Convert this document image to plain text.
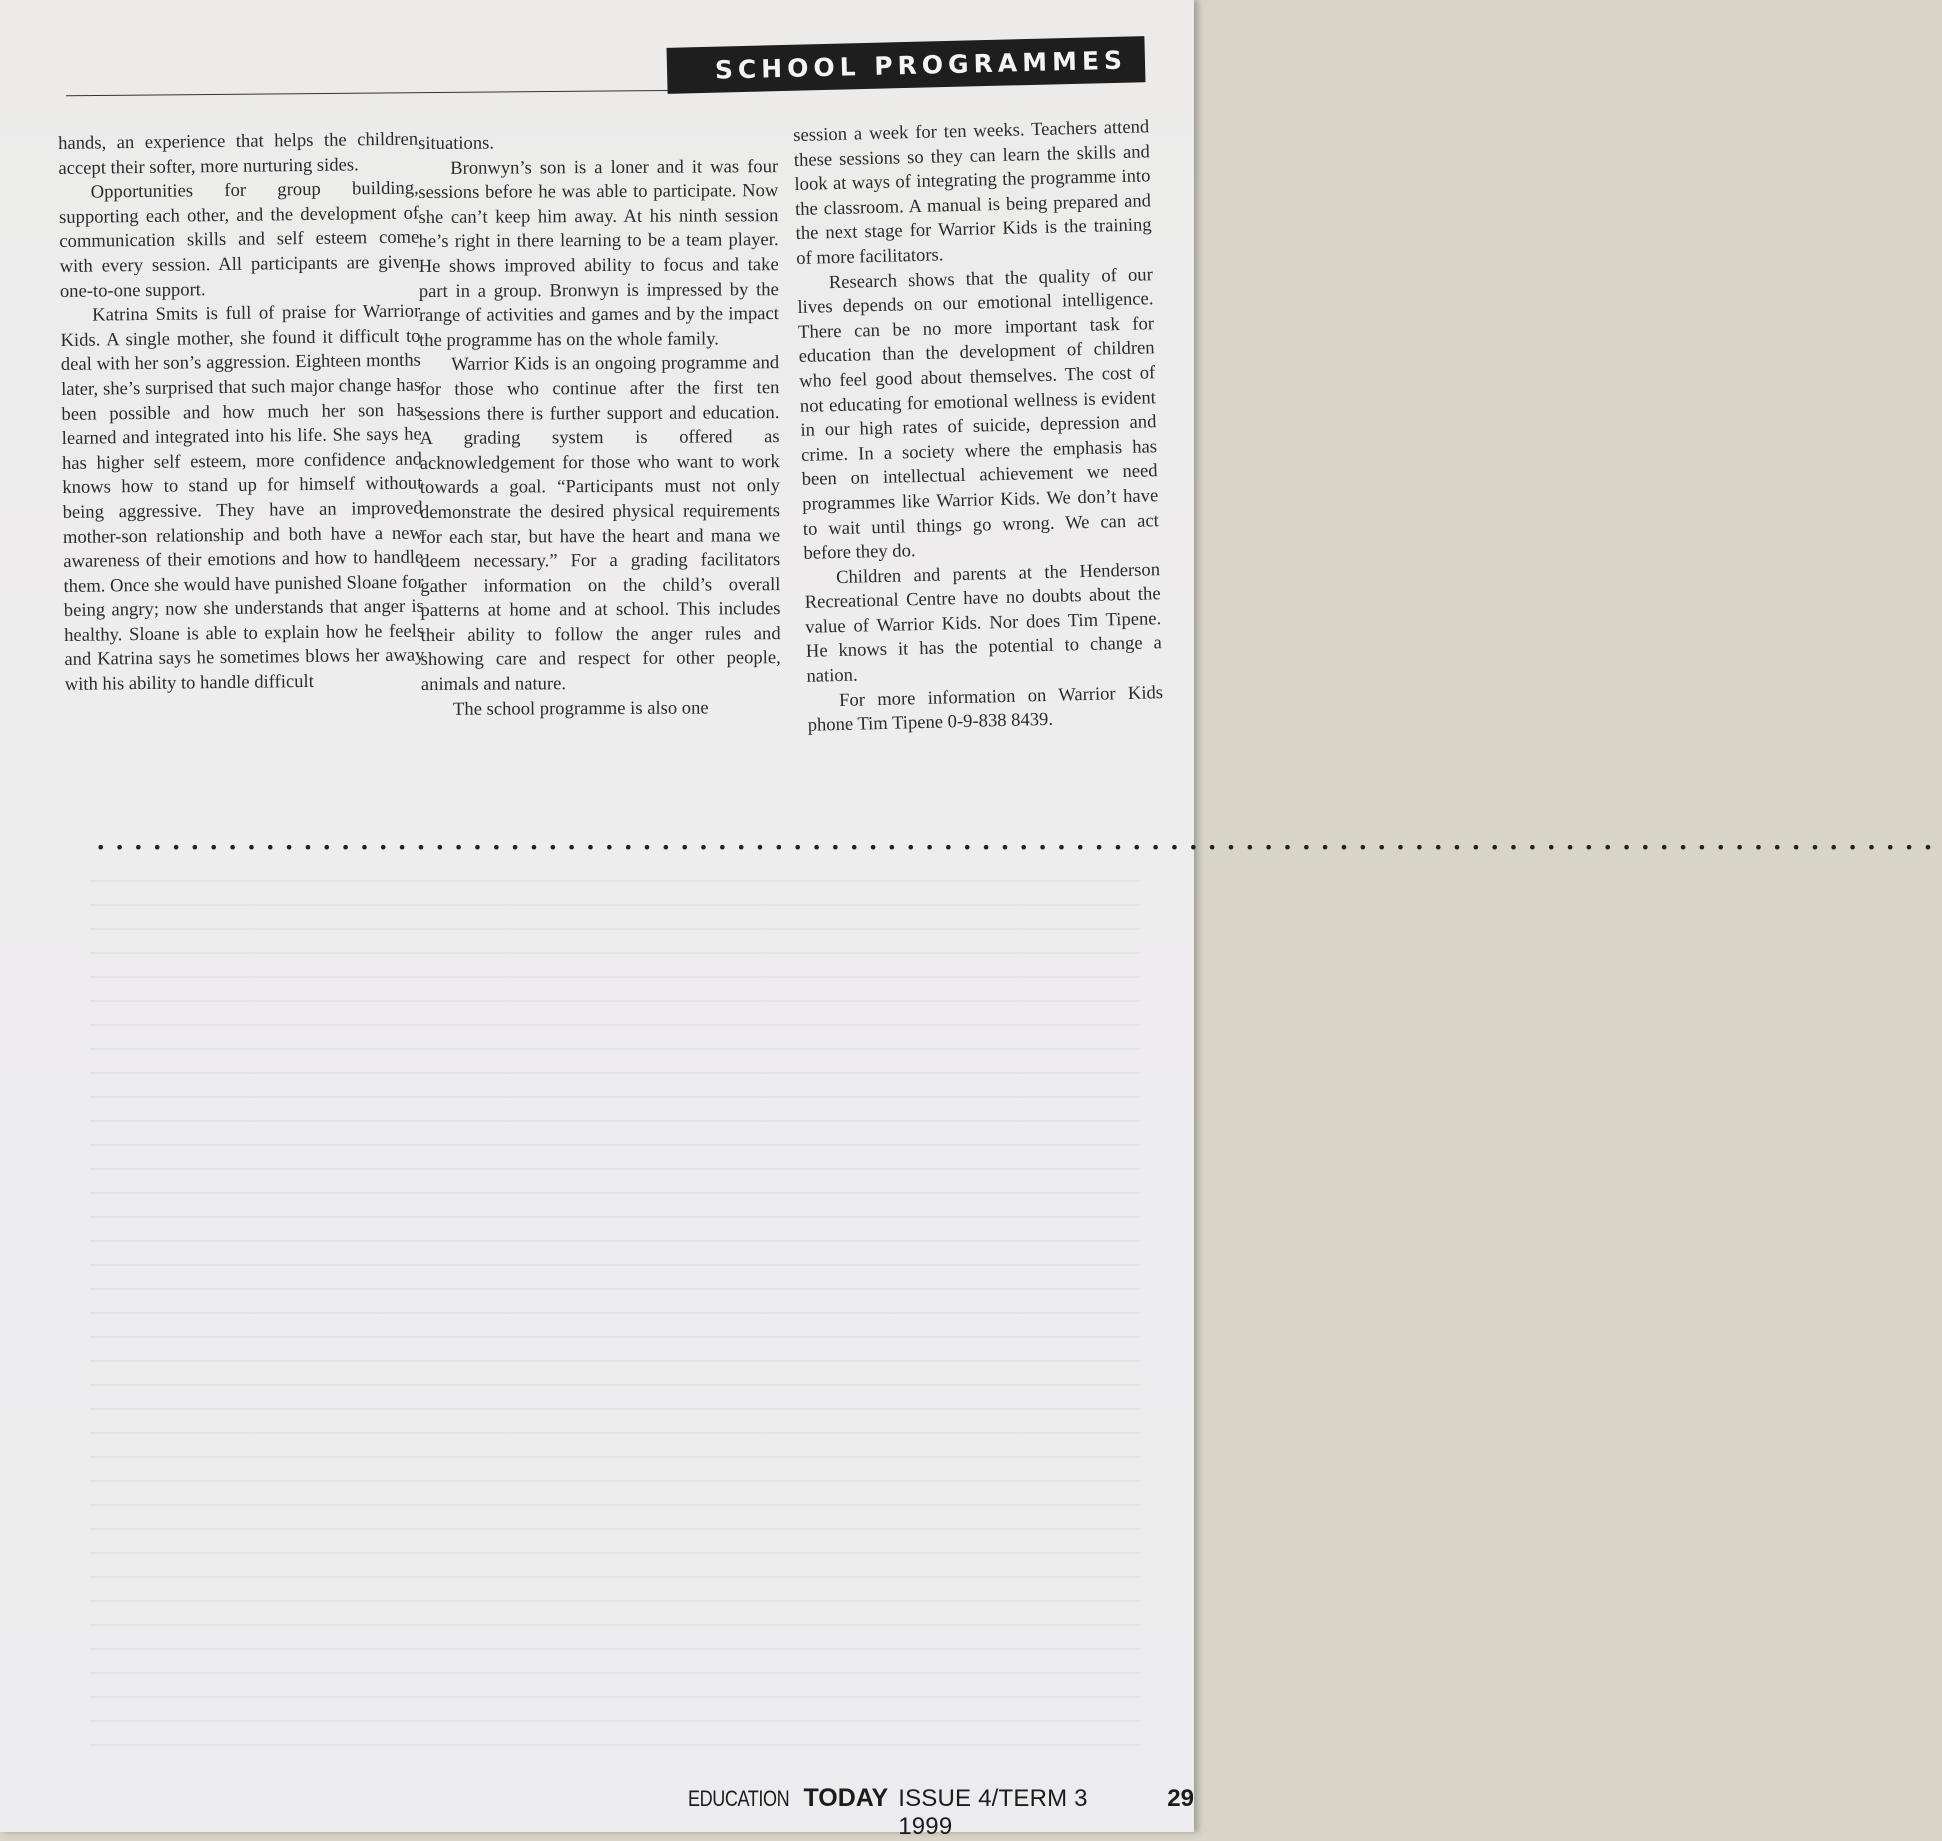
SCHOOL PROGRAMMES

hands, an experience that helps the children accept their softer, more nurturing sides.

Opportunities for group building, supporting each other, and the development of communication skills and self esteem come with every session. All participants are given one-to-one support.

Katrina Smits is full of praise for Warrior Kids. A single mother, she found it difficult to deal with her son’s aggression. Eighteen months later, she’s surprised that such major change has been possible and how much her son has learned and integrated into his life. She says he has higher self esteem, more confidence and knows how to stand up for himself without being aggressive. They have an improved mother-son relationship and both have a new awareness of their emotions and how to handle them. Once she would have punished Sloane for being angry; now she understands that anger is healthy. Sloane is able to explain how he feels and Katrina says he sometimes blows her away with his ability to handle difficult

situations.

Bronwyn’s son is a loner and it was four sessions before he was able to participate. Now she can’t keep him away. At his ninth session he’s right in there learning to be a team player. He shows improved ability to focus and take part in a group. Bronwyn is impressed by the range of activities and games and by the impact the programme has on the whole family.

Warrior Kids is an ongoing programme and for those who continue after the first ten sessions there is further support and education. A grading system is offered as acknowledgement for those who want to work towards a goal. “Participants must not only demonstrate the desired physical requirements for each star, but have the heart and mana we deem necessary.” For a grading facilitators gather information on the child’s overall patterns at home and at school. This includes their ability to follow the anger rules and showing care and respect for other people, animals and nature.

The school programme is also one

session a week for ten weeks. Teachers attend these sessions so they can learn the skills and look at ways of integrating the programme into the classroom. A manual is being prepared and the next stage for Warrior Kids is the training of more facilitators.

Research shows that the quality of our lives depends on our emotional intelligence. There can be no more important task for education than the development of children who feel good about themselves. The cost of not educating for emotional wellness is evident in our high rates of suicide, depression and crime. In a society where the emphasis has been on intellectual achievement we need programmes like Warrior Kids. We don’t have to wait until things go wrong. We can act before they do.

Children and parents at the Henderson Recreational Centre have no doubts about the value of Warrior Kids. Nor does Tim Tipene. He knows it has the potential to change a nation.

For more information on Warrior Kids phone Tim Tipene 0-9-838 8439.

••••••••••••••••••••••••••••••••••••••••••••••••••••••••••••••••••••••••••••••••••••••••••••••••••
EDUCATION TODAY ISSUE 4/TERM 3 1999
29
